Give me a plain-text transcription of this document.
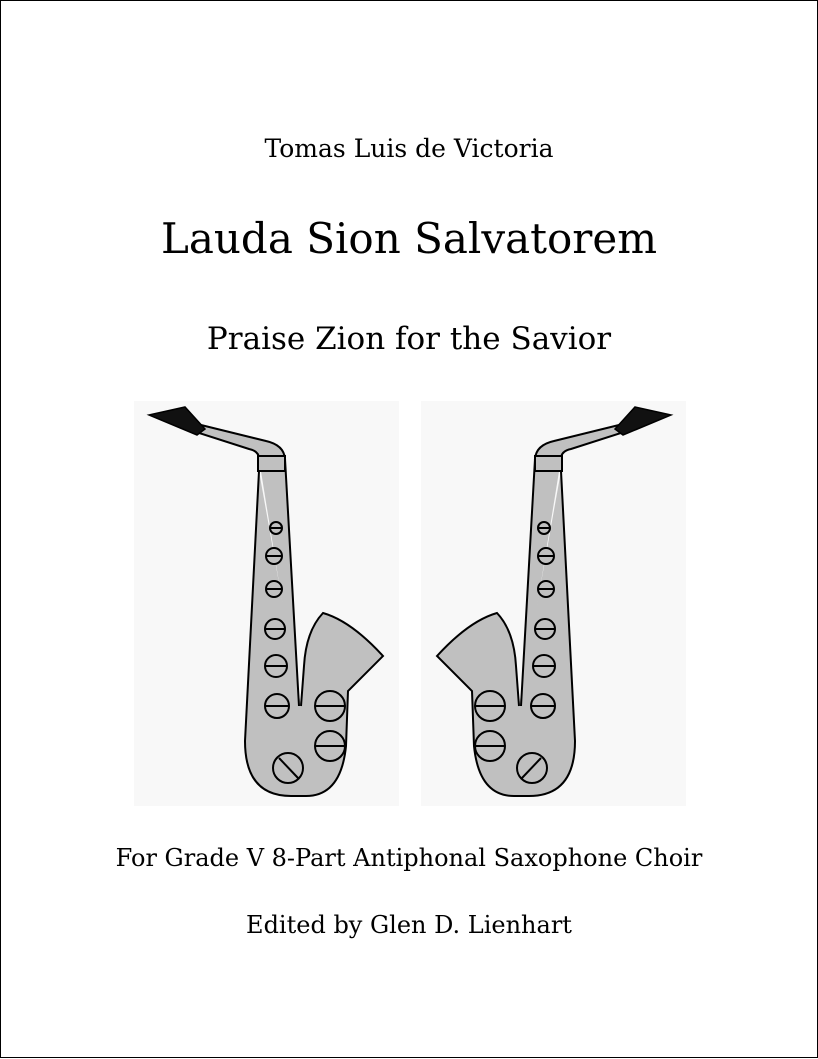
Tomas Luis de Victoria
Lauda Sion Salvatorem
Praise Zion for the Savior
For Grade V 8-Part Antiphonal Saxophone Choir
Edited by Glen D. Lienhart
